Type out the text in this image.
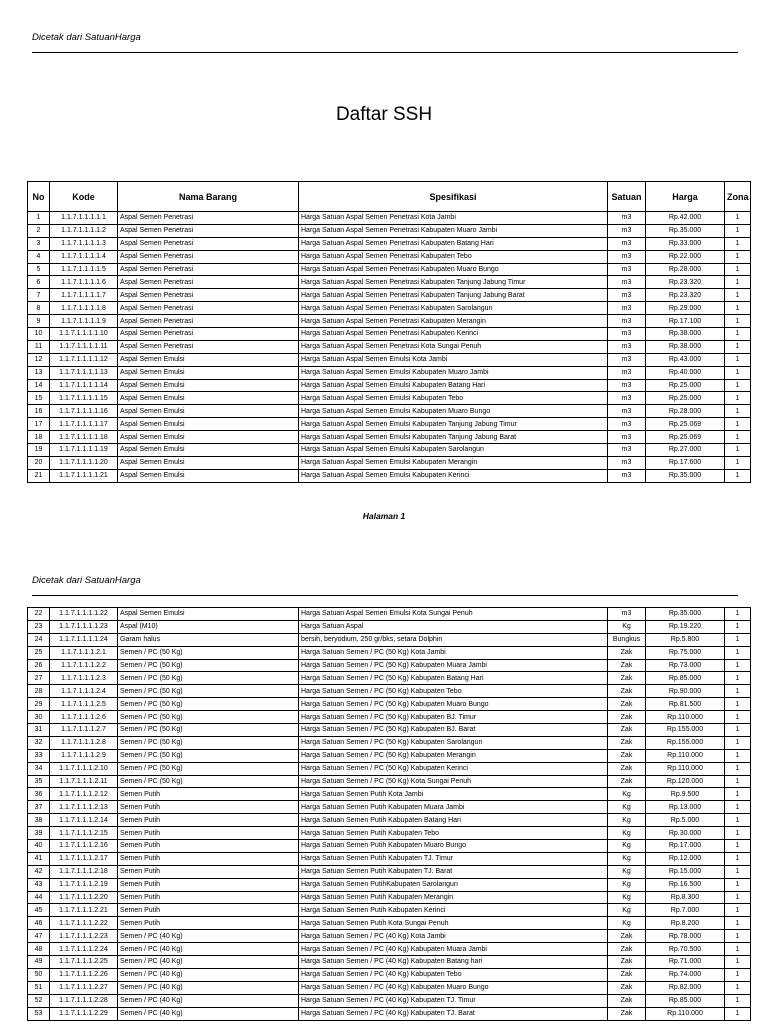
Dicetak dari SatuanHarga
Daftar SSH
No	Kode	Nama Barang	Spesifikasi	Satuan	Harga	Zona
1	1.1.7.1.1.1.1.1	Aspal Semen Penetrasi	Harga Satuan Aspal Semen Penetrasi Kota Jambi	m3	Rp.42.000	1
2	1.1.7.1.1.1.1.2	Aspal Semen Penetrasi	Harga Satuan Aspal Semen Penetrasi Kabupaten Muaro Jambi	m3	Rp.35.000	1
3	1.1.7.1.1.1.1.3	Aspal Semen Penetrasi	Harga Satuan Aspal Semen Penetrasi Kabupaten Batang Hari	m3	Rp.33.000	1
4	1.1.7.1.1.1.1.4	Aspal Semen Penetrasi	Harga Satuan Aspal Semen Penetrasi Kabupaten Tebo	m3	Rp.22.000	1
5	1.1.7.1.1.1.1.5	Aspal Semen Penetrasi	Harga Satuan Aspal Semen Penetrasi Kabupaten Muaro Bungo	m3	Rp.28.000	1
6	1.1.7.1.1.1.1.6	Aspal Semen Penetrasi	Harga Satuan Aspal Semen Penetrasi Kabupaten Tanjung Jabung Timur	m3	Rp.23.320	1
7	1.1.7.1.1.1.1.7	Aspal Semen Penetrasi	Harga Satuan Aspal Semen Penetrasi Kabupaten Tanjung Jabung Barat	m3	Rp.23.320	1
8	1.1.7.1.1.1.1.8	Aspal Semen Penetrasi	Harga Satuan Aspal Semen Penetrasi Kabupaten Sarolangun	m3	Rp.29.000	1
9	1.1.7.1.1.1.1.9	Aspal Semen Penetrasi	Harga Satuan Aspal Semen Penetrasi Kabupaten Merangin	m3	Rp.17.100	1
10	1.1.7.1.1.1.1.10	Aspal Semen Penetrasi	Harga Satuan Aspal Semen Penetrasi Kabupaten Kerinci	m3	Rp.38.000	1
11	1.1.7.1.1.1.1.11	Aspal Semen Penetrasi	Harga Satuan Aspal Semen Penetrasi Kota Sungai Penuh	m3	Rp.38.000	1
12	1.1.7.1.1.1.1.12	Aspal Semen Emulsi	Harga Satuan Aspal Semen Emulsi Kota Jambi	m3	Rp.43.000	1
13	1.1.7.1.1.1.1.13	Aspal Semen Emulsi	Harga Satuan Aspal Semen Emulsi Kabupaten Muaro Jambi	m3	Rp.40.000	1
14	1.1.7.1.1.1.1.14	Aspal Semen Emulsi	Harga Satuan Aspal Semen Emulsi Kabupaten Batang Hari	m3	Rp.25.000	1
15	1.1.7.1.1.1.1.15	Aspal Semen Emulsi	Harga Satuan Aspal Semen Emulsi Kabupaten Tebo	m3	Rp.25.000	1
16	1.1.7.1.1.1.1.16	Aspal Semen Emulsi	Harga Satuan Aspal Semen Emulsi Kabupaten Muaro Bungo	m3	Rp.28.000	1
17	1.1.7.1.1.1.1.17	Aspal Semen Emulsi	Harga Satuan Aspal Semen Emulsi Kabupaten Tanjung Jabung Timur	m3	Rp.25.069	1
18	1.1.7.1.1.1.1.18	Aspal Semen Emulsi	Harga Satuan Aspal Semen Emulsi Kabupaten Tanjung Jabung Barat	m3	Rp.25.069	1
19	1.1.7.1.1.1.1.19	Aspal Semen Emulsi	Harga Satuan Aspal Semen Emulsi Kabupaten Sarolangun	m3	Rp.27.000	1
20	1.1.7.1.1.1.1.20	Aspal Semen Emulsi	Harga Satuan Aspal Semen Emulsi Kabupaten Merangin	m3	Rp.17.600	1
21	1.1.7.1.1.1.1.21	Aspal Semen Emulsi	Harga Satuan Aspal Semen Emulsi Kabupaten Kerinci	m3	Rp.35.000	1
Halaman 1
Dicetak dari SatuanHarga
22	1.1.7.1.1.1.1.22	Aspal Semen Emulsi	Harga Satuan Aspal Semen Emulsi Kota Sungai Penuh	m3	Rp.35.000	1
23	1.1.7.1.1.1.1.23	Aspal (M10)	Harga Satuan Aspal	Kg	Rp.19.220	1
24	1.1.7.1.1.1.1.24	Garam halus	bersih, beryodium, 250 gr/bks, setara Dolphin	Bungkus	Rp.5.800	1
25	1.1.7.1.1.1.2.1	Semen / PC (50 Kg)	Harga Satuan Semen / PC (50 Kg) Kota Jambi	Zak	Rp.75.000	1
26	1.1.7.1.1.1.2.2	Semen / PC (50 Kg)	Harga Satuan Semen / PC (50 Kg) Kabupaten Muara Jambi	Zak	Rp.73.000	1
27	1.1.7.1.1.1.2.3	Semen / PC (50 Kg)	Harga Satuan Semen / PC (50 Kg) Kabupaten Batang Hari	Zak	Rp.85.000	1
28	1.1.7.1.1.1.2.4	Semen / PC (50 Kg)	Harga Satuan Semen / PC (50 Kg) Kabupaten Tebo	Zak	Rp.90.000	1
29	1.1.7.1.1.1.2.5	Semen / PC (50 Kg)	Harga Satuan Semen / PC (50 Kg) Kabupaten Muaro Bungo	Zak	Rp.81.500	1
30	1.1.7.1.1.1.2.6	Semen / PC (50 Kg)	Harga Satuan Semen / PC (50 Kg) Kabupaten BJ. Timur	Zak	Rp.110.000	1
31	1.1.7.1.1.1.2.7	Semen / PC (50 Kg)	Harga Satuan Semen / PC (50 Kg) Kabupaten BJ. Barat	Zak	Rp.155.000	1
32	1.1.7.1.1.1.2.8	Semen / PC (50 Kg)	Harga Satuan Semen / PC (50 Kg) Kabupaten Sarolangun	Zak	Rp.155.000	1
33	1.1.7.1.1.1.2.9	Semen / PC (50 Kg)	Harga Satuan Semen / PC (50 Kg) Kabupaten Merangin	Zak	Rp.110.000	1
34	1.1.7.1.1.1.2.10	Semen / PC (50 Kg)	Harga Satuan Semen / PC (50 Kg) Kabupaten Kerinci	Zak	Rp.110.000	1
35	1.1.7.1.1.1.2.11	Semen / PC (50 Kg)	Harga Satuan Semen / PC (50 Kg) Kota Sungai Penuh	Zak	Rp.120.000	1
36	1.1.7.1.1.1.2.12	Semen Putih	Harga Satuan Semen Putih Kota Jambi	Kg	Rp.9.500	1
37	1.1.7.1.1.1.2.13	Semen Putih	Harga Satuan Semen Putih Kabupaten Muara Jambi	Kg	Rp.13.000	1
38	1.1.7.1.1.1.2.14	Semen Putih	Harga Satuan Semen Putih Kabupaten Batang Hari	Kg	Rp.5.000	1
39	1.1.7.1.1.1.2.15	Semen Putih	Harga Satuan Semen Putih Kabupaten Tebo	Kg	Rp.30.000	1
40	1.1.7.1.1.1.2.16	Semen Putih	Harga Satuan Semen Putih Kabupaten Muaro Bungo	Kg	Rp.17.000	1
41	1.1.7.1.1.1.2.17	Semen Putih	Harga Satuan Semen Putih Kabupaten TJ. Timur	Kg	Rp.12.000	1
42	1.1.7.1.1.1.2.18	Semen Putih	Harga Satuan Semen Putih Kabupaten TJ. Barat	Kg	Rp.15.000	1
43	1.1.7.1.1.1.2.19	Semen Putih	Harga Satuan Semen PutihKabupaten Sarolangun	Kg	Rp.16.500	1
44	1.1.7.1.1.1.2.20	Semen Putih	Harga Satuan Semen Putih Kabupaten Merangin	Kg	Rp.8.300	1
45	1.1.7.1.1.1.2.21	Semen Putih	Harga Satuan Semen Putih Kabupaten Kerinci	Kg	Rp.7.000	1
46	1.1.7.1.1.1.2.22	Semen Putih	Harga Satuan Semen Putih Kota Sungai Penuh	Kg	Rp.8.200	1
47	1.1.7.1.1.1.2.23	Semen / PC (40 Kg)	Harga Satuan Semen / PC (40 Kg) Kota Jambi	Zak	Rp.78.000	1
48	1.1.7.1.1.1.2.24	Semen / PC (40 Kg)	Harga Satuan Semen / PC (40 Kg) Kabupaten Muara Jambi	Zak	Rp.70.500	1
49	1.1.7.1.1.1.2.25	Semen / PC (40 Kg)	Harga Satuan Semen / PC (40 Kg) Kabupaten Batang hari	Zak	Rp.71.000	1
50	1.1.7.1.1.1.2.26	Semen / PC (40 Kg)	Harga Satuan Semen / PC (40 Kg) Kabupaten Tebo	Zak	Rp.74.000	1
51	1.1.7.1.1.1.2.27	Semen / PC (40 Kg)	Harga Satuan Semen / PC (40 Kg) Kabupaten Muaro Bungo	Zak	Rp.82.000	1
52	1.1.7.1.1.1.2.28	Semen / PC (40 Kg)	Harga Satuan Semen / PC (40 Kg) Kabupaten TJ. Timur	Zak	Rp.85.000	1
53	1.1.7.1.1.1.2.29	Semen / PC (40 Kg)	Harga Satuan Semen / PC (40 Kg) Kabupaten TJ. Barat	Zak	Rp.110.000	1
